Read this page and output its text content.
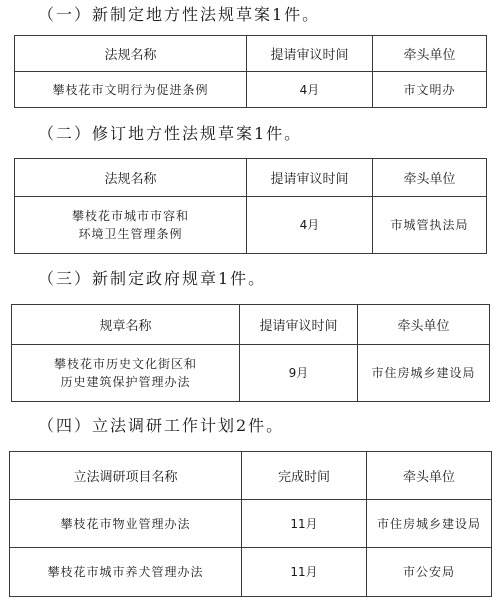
（一）新制定地方性法规草案1件。
法规名称	提请审议时间	牵头单位
攀枝花市文明行为促进条例	4月	市文明办
（二）修订地方性法规草案1件。
法规名称	提请审议时间	牵头单位
攀枝花市城市市容和
环境卫生管理条例	4月	市城管执法局
（三）新制定政府规章1件。
规章名称	提请审议时间	牵头单位
攀枝花市历史文化街区和
历史建筑保护管理办法	9月	市住房城乡建设局
（四）立法调研工作计划2件。
立法调研项目名称	完成时间	牵头单位
攀枝花市物业管理办法	11月	市住房城乡建设局
攀枝花市城市养犬管理办法	11月	市公安局
